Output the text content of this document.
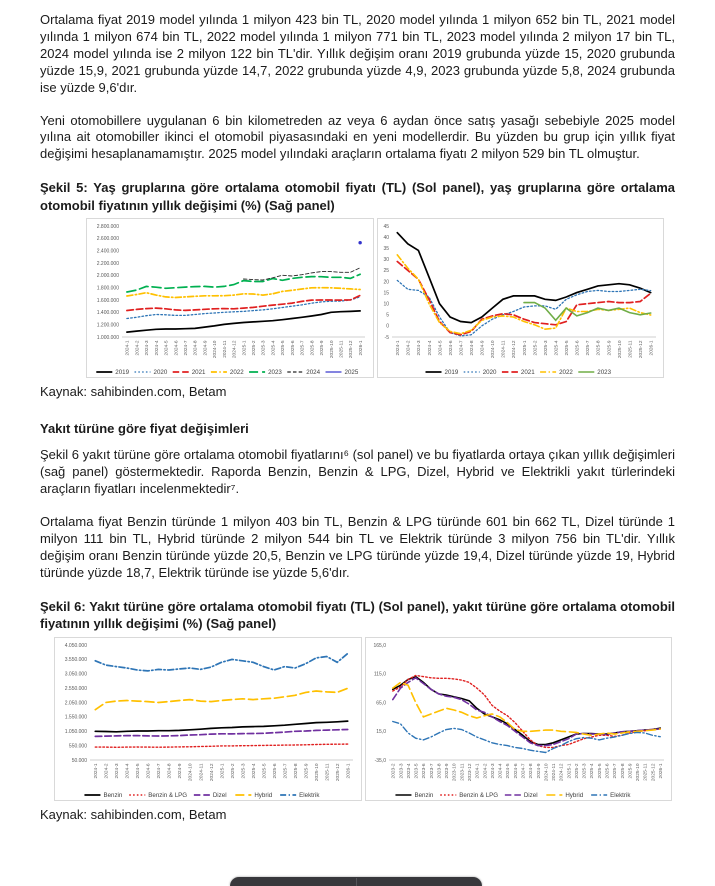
Ortalama fiyat 2019 model yılında 1 milyon 423 bin TL, 2020 model yılında 1 milyon 652 bin TL, 2021 model yılında 1 milyon 674 bin TL, 2022 model yılında 1 milyon 771 bin TL, 2023 model yılında 2 milyon 17 bin TL, 2024 model yılında ise 2 milyon 122 bin TL'dir. Yıllık değişim oranı 2019 grubunda yüzde 15, 2020 grubunda yüzde 15,9, 2021 grubunda yüzde 14,7, 2022 grubunda yüzde 4,9, 2023 grubunda yüzde 5,8, 2024 grubunda ise yüzde 9,6'dır.

Yeni otomobillere uygulanan 6 bin kilometreden az veya 6 aydan önce satış yasağı sebebiyle 2025 model yılına ait otomobiller ikinci el otomobil piyasasındaki en yeni modellerdir. Bu yüzden bu grup için yıllık fiyat değişimi hesaplanamamıştır. 2025 model yılındaki araçların ortalama fiyatı 2 milyon 529 bin TL olmuştur.

Şekil 5: Yaş gruplarına göre ortalama otomobil fiyatı (TL) (Sol panel), yaş gruplarına göre ortalama otomobil fiyatının yıllık değişimi (%) (Sağ panel)

2.800.000
2.600.000
2.400.000
2.200.000
2.000.000
1.800.000
1.600.000
1.400.000
1.200.000
1.000.000
2024-1 2024-2 2024-3 2024-4 2024-5 2024-6 2024-7 2024-8 2024-9 2024-10 2024-11 2024-12 2025-1 2025-2 2025-3 2025-4 2025-5 2025-6 2025-7 2025-8 2025-9 2025-10 2025-11 2025-12 2026-1
2019	2020	2021	2022	2023	2024	2025
45
40
35
30
25
20
15
10
5
0
-5
2024-1 2024-2 2024-3 2024-4 2024-5 2024-6 2024-7 2024-8 2024-9 2024-10 2024-11 2024-12 2025-1 2025-2 2025-3 2025-4 2025-5 2025-6 2025-7 2025-8 2025-9 2025-10 2025-11 2025-12 2026-1
2019	2020	2021	2022	2023

Kaynak: sahibinden.com, Betam

Yakıt türüne göre fiyat değişimleri

Şekil 6 yakıt türüne göre ortalama otomobil fiyatlarını⁶ (sol panel) ve bu fiyatlarda ortaya çıkan yıllık değişimleri (sağ panel) göstermektedir. Raporda Benzin, Benzin & LPG, Dizel, Hybrid ve Elektrikli yakıt türlerindeki araçların fiyatları incelenmektedir⁷.

Ortalama fiyat Benzin türünde 1 milyon 403 bin TL, Benzin & LPG türünde 601 bin 662 TL, Dizel türünde 1 milyon 111 bin TL, Hybrid türünde 2 milyon 544 bin TL ve Elektrik türünde 3 milyon 756 bin TL'dir. Yıllık değişim oranı Benzin türünde yüzde 20,5, Benzin ve LPG türünde yüzde 19,4, Dizel türünde yüzde 19, Hybrid türünde yüzde 18,7, Elektrik türünde ise yüzde 5,6'dır.

Şekil 6: Yakıt türüne göre ortalama otomobil fiyatı (TL) (Sol panel), yakıt türüne göre ortalama otomobil fiyatının yıllık değişimi (%) (Sağ panel)

4.050.000
3.550.000
3.050.000
2.550.000
2.050.000
1.550.000
1.050.000
550.000
50.000
2024-1 2024-2 2024-3 2024-4 2024-5 2024-6 2024-7 2024-8 2024-9 2024-10 2024-11 2024-12 2025-1 2025-2 2025-3 2025-4 2025-5 2025-6 2025-7 2025-8 2025-9 2025-10 2025-11 2025-12 2026-1
Benzin	Benzin & LPG	Dizel	Hybrid	Elektrik
165,0
115,0
65,0
15,0
-35,0
2023-2 2023-3 2023-4 2023-5 2023-6 2023-7 2023-8 2023-9 2023-10 2023-11 2023-12 2024-1 2024-2 2024-3 2024-4 2024-5 2024-6 2024-7 2024-8 2024-9 2024-10 2024-11 2024-12 2025-1 2025-2 2025-3 2025-4 2025-5 2025-6 2025-7 2025-8 2025-9 2025-10 2025-11 2025-12 2026-1
Benzin	Benzin & LPG	Dizel	Hybrid	Elektrik

Kaynak: sahibinden.com, Betam
